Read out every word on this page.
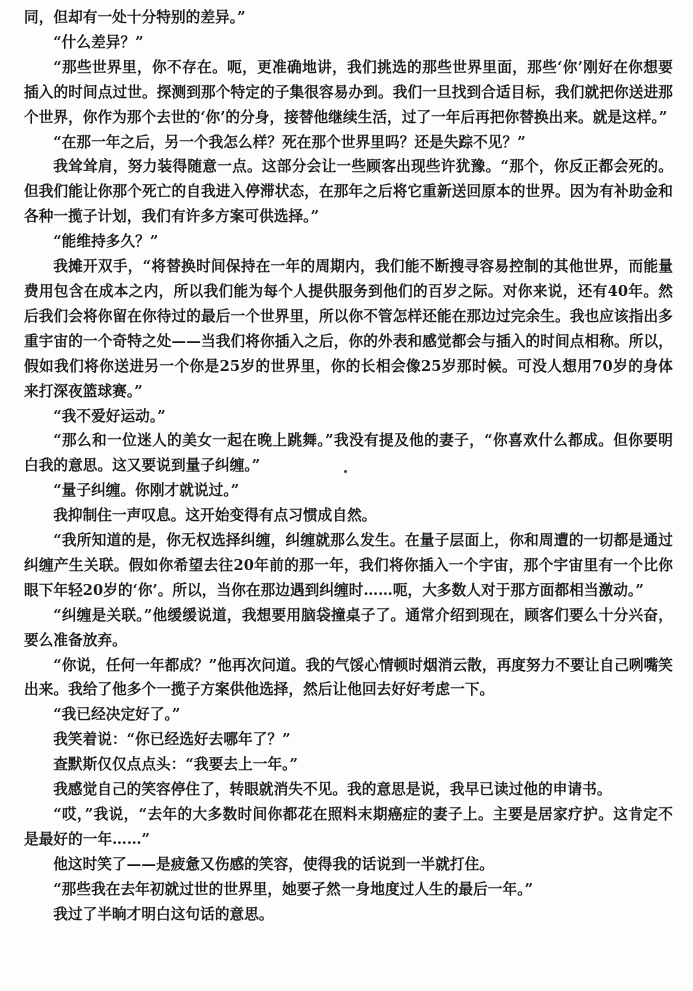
同，但却有一处十分特别的差异。”

“什么差异？”

“那些世界里，你不存在。呃，更准确地讲，我们挑选的那些世界里面，那些‘你’刚好在你想要插入的时间点过世。探测到那个特定的子集很容易办到。我们一旦找到合适目标，我们就把你送进那个世界，你作为那个去世的‘你’的分身，接替他继续生活，过了一年后再把你替换出来。就是这样。”

“在那一年之后，另一个我怎么样？死在那个世界里吗？还是失踪不见？”

我耸耸肩，努力装得随意一点。这部分会让一些顾客出现些许犹豫。“那个，你反正都会死的。但我们能让你那个死亡的自我进入停滞状态，在那年之后将它重新送回原本的世界。因为有补助金和各种一揽子计划，我们有许多方案可供选择。”

“能维持多久？”

我摊开双手，“将替换时间保持在一年的周期内，我们能不断搜寻容易控制的其他世界，而能量费用包含在成本之内，所以我们能为每个人提供服务到他们的百岁之际。对你来说，还有40年。然后我们会将你留在你待过的最后一个世界里，所以你不管怎样还能在那边过完余生。我也应该指出多重宇宙的一个奇特之处——当我们将你插入之后，你的外表和感觉都会与插入的时间点相称。所以，假如我们将你送进另一个你是25岁的世界里，你的长相会像25岁那时候。可没人想用70岁的身体来打深夜篮球赛。”

“我不爱好运动。”

“那么和一位迷人的美女一起在晚上跳舞。”我没有提及他的妻子，“你喜欢什么都成。但你要明白我的意思。这又要说到量子纠缠。”

“量子纠缠。你刚才就说过。”

我抑制住一声叹息。这开始变得有点习惯成自然。

“我所知道的是，你无权选择纠缠，纠缠就那么发生。在量子层面上，你和周遭的一切都是通过纠缠产生关联。假如你希望去往20年前的那一年，我们将你插入一个宇宙，那个宇宙里有一个比你眼下年轻20岁的‘你’。所以，当你在那边遇到纠缠时……呃，大多数人对于那方面都相当激动。”

“纠缠是关联。”他缓缓说道，我想要用脑袋撞桌子了。通常介绍到现在，顾客们要么十分兴奋，要么准备放弃。

“你说，任何一年都成？”他再次问道。我的气馁心情顿时烟消云散，再度努力不要让自己咧嘴笑出来。我给了他多个一揽子方案供他选择，然后让他回去好好考虑一下。

“我已经决定好了。”

我笑着说：“你已经选好去哪年了？”

查默斯仅仅点点头：“我要去上一年。”

我感觉自己的笑容停住了，转眼就消失不见。我的意思是说，我早已读过他的申请书。

“哎，”我说，“去年的大多数时间你都花在照料末期癌症的妻子上。主要是居家疗护。这肯定不是最好的一年……”

他这时笑了——是疲惫又伤感的笑容，使得我的话说到一半就打住。

“那些我在去年初就过世的世界里，她要孑然一身地度过人生的最后一年。”

我过了半晌才明白这句话的意思。
